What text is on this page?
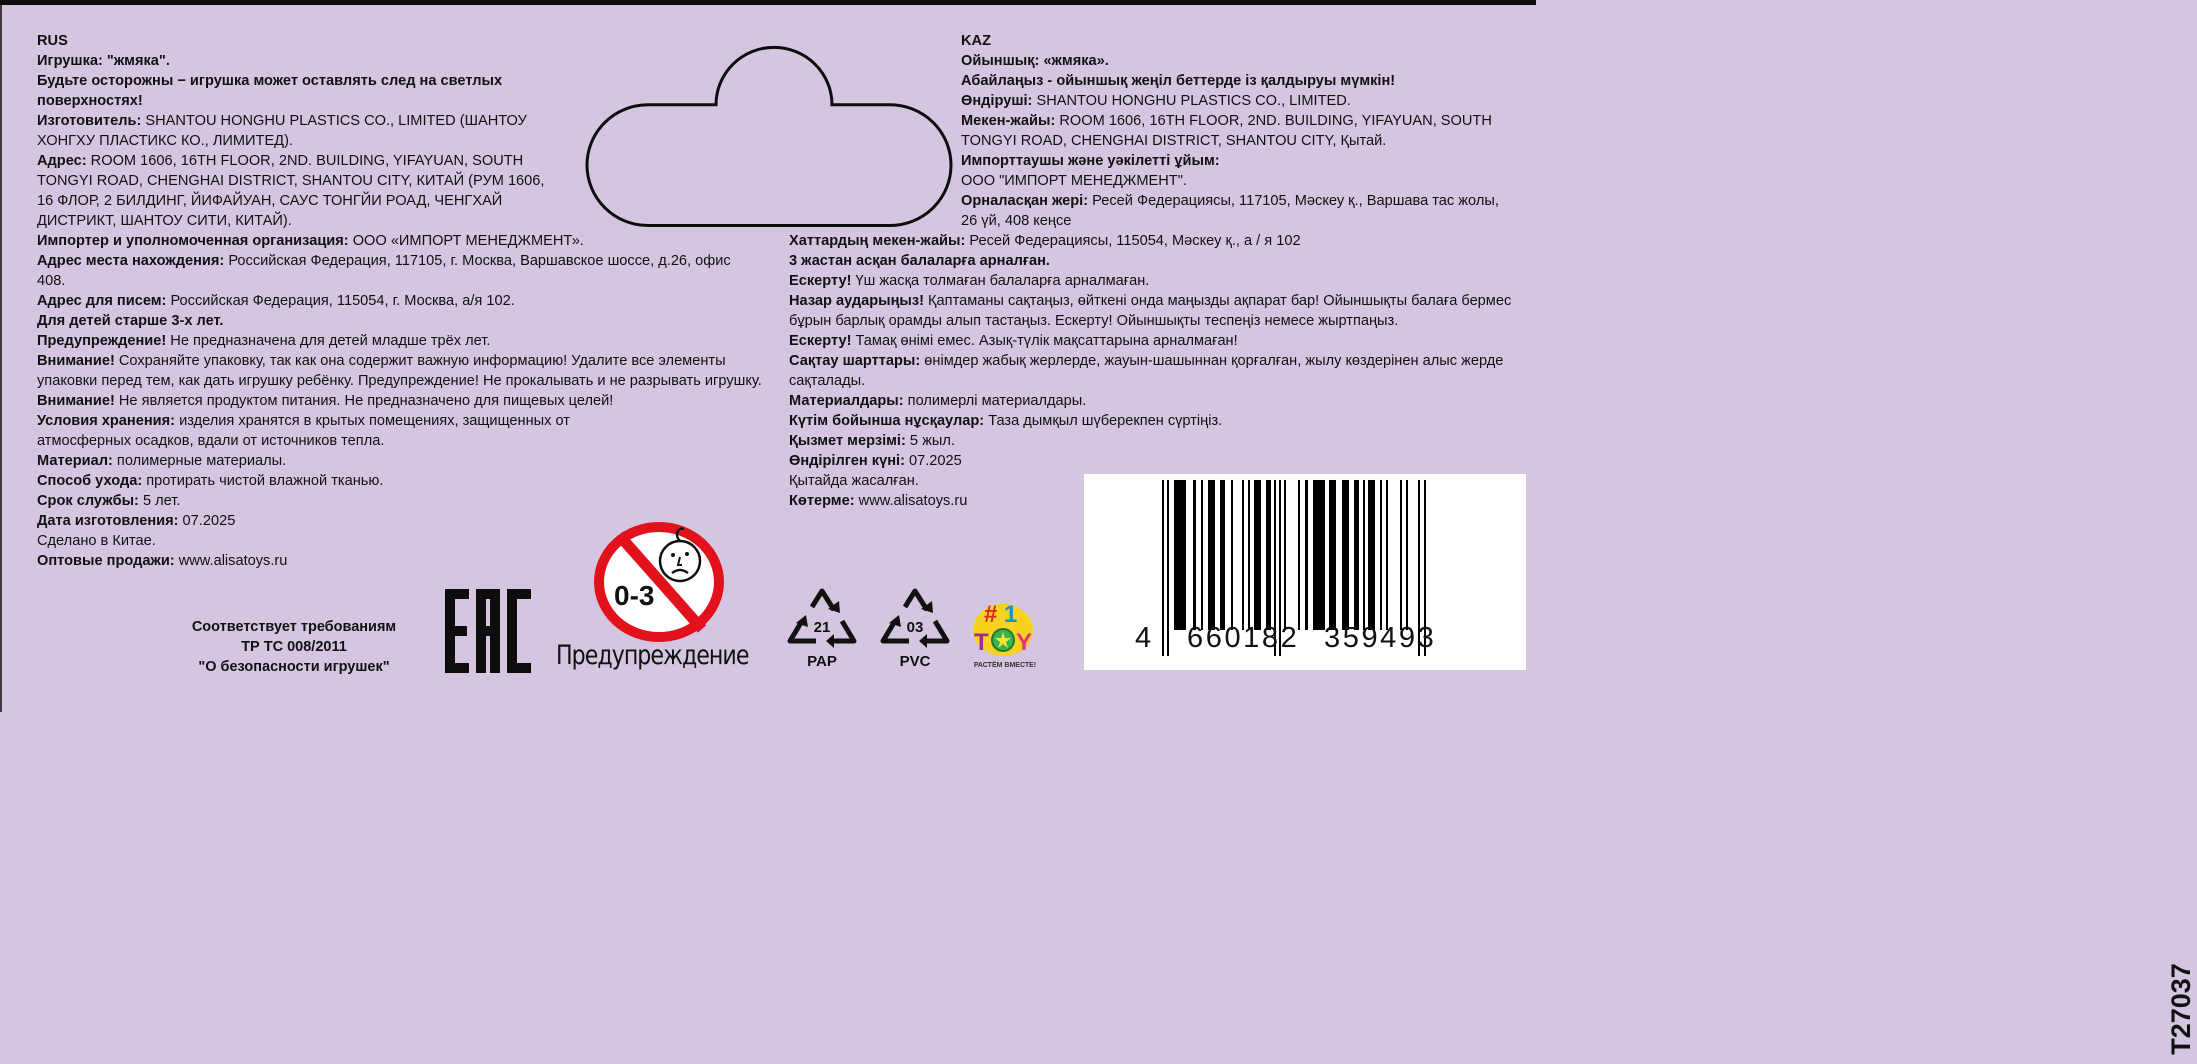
RUS

Игрушка: "жмяка".

Будьте осторожны − игрушка может оставлять след на светлых поверхностях!

Изготовитель: SHANTOU HONGHU PLASTICS CO., LIMITED (ШАНТОУ ХОНГХУ ПЛАСТИКС КО., ЛИМИТЕД).

Адрес: ROOM 1606, 16TH FLOOR, 2ND. BUILDING, YIFAYUAN, SOUTH TONGYI ROAD, CHENGHAI DISTRICT, SHANTOU CITY, КИТАЙ (РУМ 1606, 16 ФЛОР, 2 БИЛДИНГ, ЙИФАЙУАН, САУС ТОНГЙИ РОАД, ЧЕНГХАЙ ДИСТРИКТ, ШАНТОУ СИТИ, КИТАЙ).

Импортер и уполномоченная организация: ООО «ИМПОРТ МЕНЕДЖМЕНТ».

Адрес места нахождения: Российская Федерация, 117105, г. Москва, Варшавское шоссе, д.26, офис 408.

Адрес для писем: Российская Федерация, 115054, г. Москва, а/я 102.

Для детей старше 3-х лет.

Предупреждение! Не предназначена для детей младше трёх лет.

Внимание! Сохраняйте упаковку, так как она содержит важную информацию! Удалите все элементы упаковки перед тем, как дать игрушку ребёнку. Предупреждение! Не прокалывать и не разрывать игрушку.

Внимание! Не является продуктом питания. Не предназначено для пищевых целей!

Условия хранения: изделия хранятся в крытых помещениях, защищенных от атмосферных осадков, вдали от источников тепла.

Материал: полимерные материалы.

Способ ухода: протирать чистой влажной тканью.

Срок службы: 5 лет.

Дата изготовления: 07.2025

Сделано в Китае.

Оптовые продажи: www.alisatoys.ru

KAZ

Ойыншық: «жмяка».

Абайлаңыз - ойыншық жеңіл беттерде із қалдыруы мүмкін!

Өндіруші: SHANTOU HONGHU PLASTICS CO., LIMITED.

Мекен-жайы: ROOM 1606, 16TH FLOOR, 2ND. BUILDING, YIFAYUAN, SOUTH TONGYI ROAD, CHENGHAI DISTRICT, SHANTOU CITY, Қытай.

Импорттаушы және уәкілетті ұйым:

ООО "ИМПОРТ МЕНЕДЖМЕНТ".

Орналасқан жері: Ресей Федерациясы, 117105, Мәскеу қ., Варшава тас жолы, 26 үй, 408 кеңсе

Хаттардың мекен-жайы: Ресей Федерациясы, 115054, Мәскеу қ., а / я 102

3 жастан асқан балаларға арналған.

Ескерту! Үш жасқа толмаған балаларға арналмаған.

Назар аударыңыз! Қаптаманы сақтаңыз, өйткені онда маңызды ақпарат бар! Ойыншықты балаға бермес бұрын барлық орамды алып тастаңыз. Ескерту! Ойыншықты теспеңіз немесе жыртпаңыз.

Ескерту! Тамақ өнімі емес. Азық-түлік мақсаттарына арналмаған!

Сақтау шарттары: өнімдер жабық жерлерде, жауын-шашыннан қорғалған, жылу көздерінен алыс жерде сақталады.

Материалдары: полимерлі материалдары.

Күтім бойынша нұсқаулар: Таза дымқыл шүберекпен сүртіңіз.

Қызмет мерзімі: 5 жыл.

Өндірілген күні: 07.2025

Қытайда жасалған.

Көтерме: www.alisatoys.ru

Соответствует требованиям

ТР ТС 008/2011

"О безопасности игрушек"

0-3
Предупреждение
21
PAP
03
PVC
# 1
T Y
РАСТЁМ ВМЕСТЕ!
T27037
4 660182 359493
